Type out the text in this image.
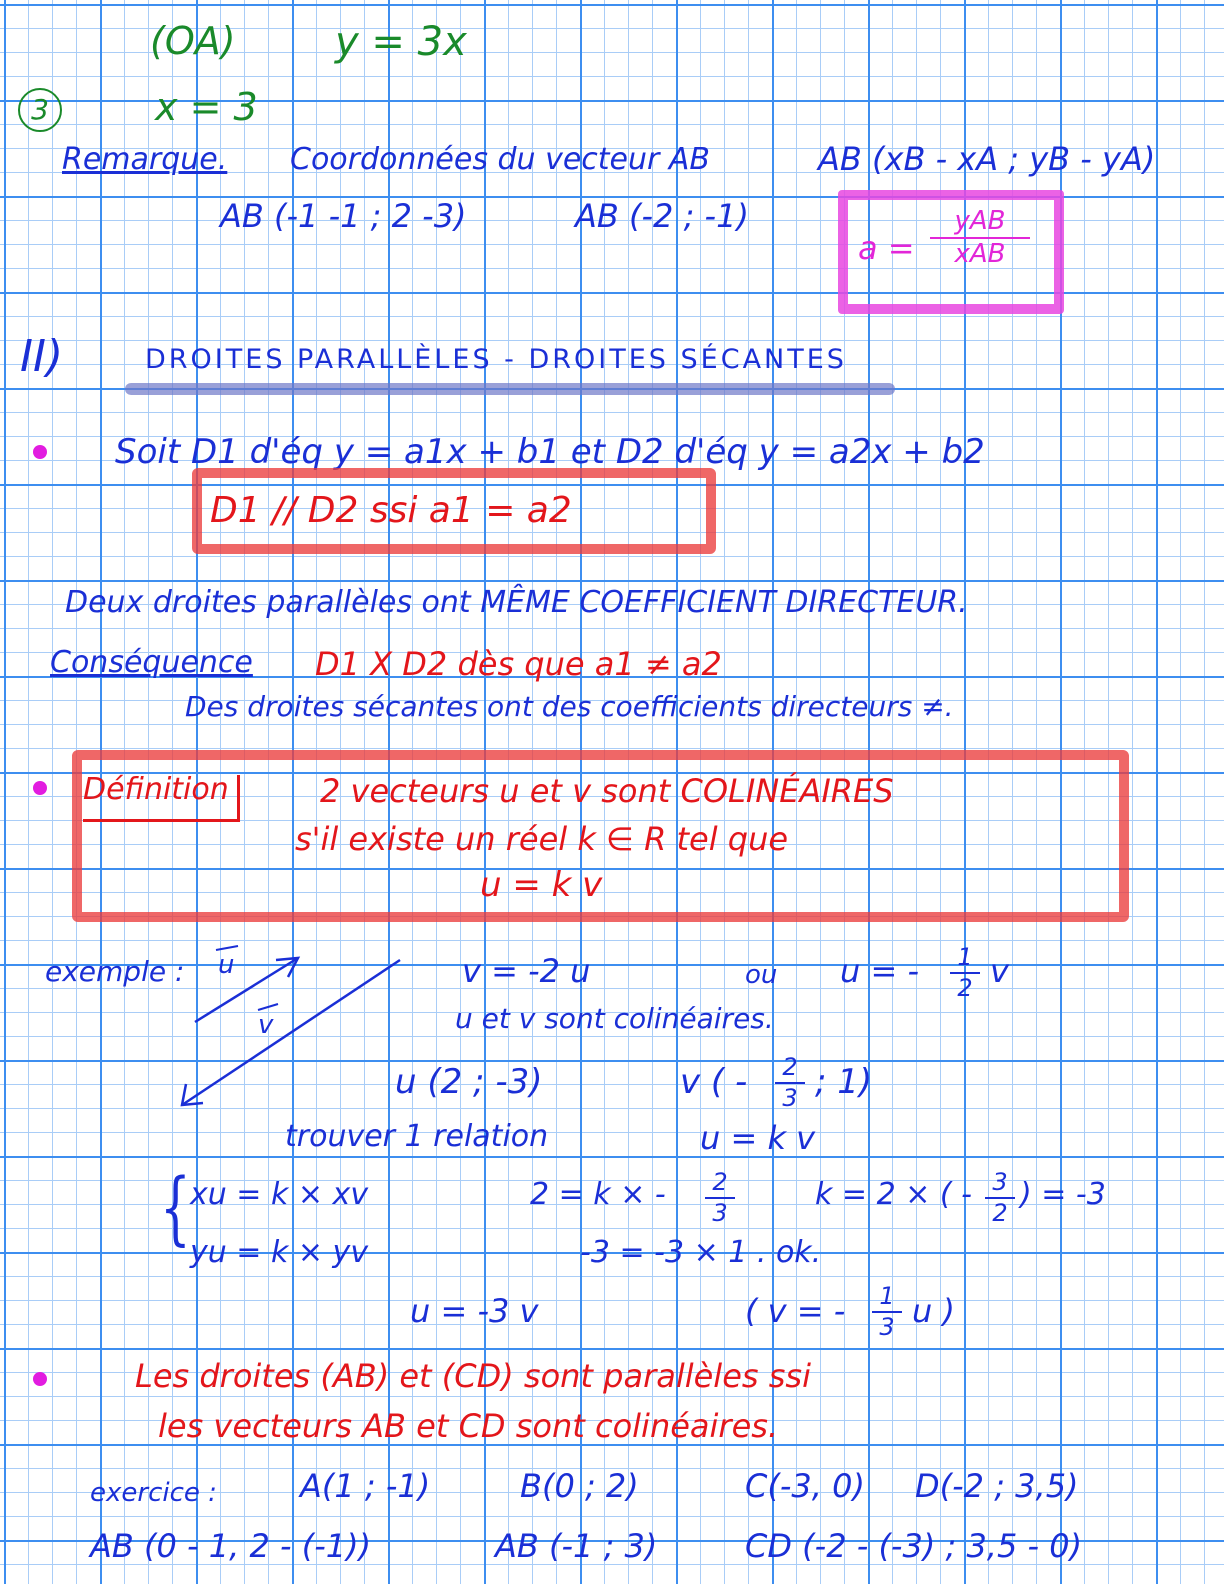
(OA) y = 3x
3	x = 3
Remarque. Coordonnées du vecteur AB	AB (xB - xA ; yB - yA)
AB (-1 -1 ; 2 -3)	AB (-2 ; -1)
a =
yAB
xAB
II)	DROITES PARALLÈLES - DROITES SÉCANTES
Soit D1 d'éq y = a1x + b1 et D2 d'éq y = a2x + b2
D1 // D2 ssi a1 = a2
Deux droites parallèles ont MÊME COEFFICIENT DIRECTEUR.
Conséquence D1 X D2 dès que a1 ≠ a2
Des droites sécantes ont des coefficients directeurs ≠.
Définition	2 vecteurs u et v sont COLINÉAIRES
s'il existe un réel k ∈ R tel que
u = k v
exemple : u
v
v = -2 u	ou u = -	1
2 v
u et v sont colinéaires.
u (2 ; -3)	v ( -	2
3 ; 1)
trouver 1 relation	u = k v
{ xu = k × xv
yu = k × yv
2 = k × -	2
3
k = 2 × ( - 3
2
) = -3
-3 = -3 × 1 . ok.
u = -3 v	( v = -	1
3 u )
Les droites (AB) et (CD) sont parallèles ssi
les vecteurs AB et CD sont colinéaires.
exercice :	A(1 ; -1)	B(0 ; 2)	C(-3, 0) D(-2 ; 3,5)
AB (0 - 1, 2 - (-1))	AB (-1 ; 3)	CD (-2 - (-3) ; 3,5 - 0)
